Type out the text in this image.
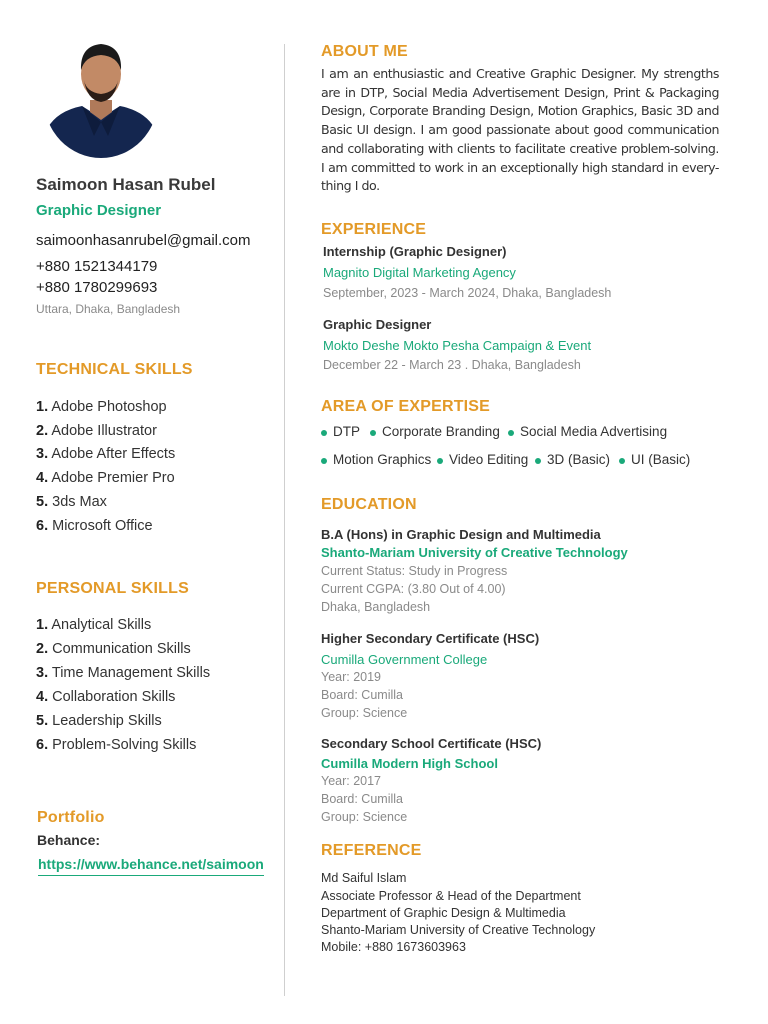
Saimoon Hasan Rubel
Graphic Designer
saimoonhasanrubel@gmail.com
+880 1521344179
+880 1780299693
Uttara, Dhaka, Bangladesh
TECHNICAL SKILLS
1. Adobe Photoshop
2. Adobe Illustrator
3. Adobe After Effects
4. Adobe Premier Pro
5. 3ds Max
6. Microsoft Office
PERSONAL SKILLS
1. Analytical Skills
2. Communication Skills
3. Time Management Skills
4. Collaboration Skills
5. Leadership Skills
6. Problem-Solving Skills
Portfolio
Behance:
https://www.behance.net/saimoon
ABOUT ME
I am an enthusiastic and Creative Graphic Designer. My strengths are in DTP, Social Media Advertisement Design, Print & Packaging Design, Corporate Branding Design, Motion Graphics, Basic 3D and Basic UI design. I am good passionate about good communication and collaborating with clients to facilitate creative problem-solving. I am committed to work in an exceptionally high standard in every-thing I do.
EXPERIENCE
Internship (Graphic Designer)
Magnito Digital Marketing Agency
September, 2023 - March 2024, Dhaka, Bangladesh
Graphic Designer
Mokto Deshe Mokto Pesha Campaign & Event
December 22 - March 23 . Dhaka, Bangladesh
AREA OF EXPERTISE
DTP Corporate Branding Social Media Advertising
Motion Graphics Video Editing 3D (Basic) UI (Basic)
EDUCATION
B.A (Hons) in Graphic Design and Multimedia
Shanto-Mariam University of Creative Technology
Current Status: Study in Progress
Current CGPA: (3.80 Out of 4.00)
Dhaka, Bangladesh
Higher Secondary Certificate (HSC)
Cumilla Government College
Year: 2019
Board: Cumilla
Group: Science
Secondary School Certificate (HSC)
Cumilla Modern High School
Year: 2017
Board: Cumilla
Group: Science
REFERENCE
Md Saiful Islam
Associate Professor & Head of the Department
Department of Graphic Design & Multimedia
Shanto-Mariam University of Creative Technology
Mobile: +880 1673603963
